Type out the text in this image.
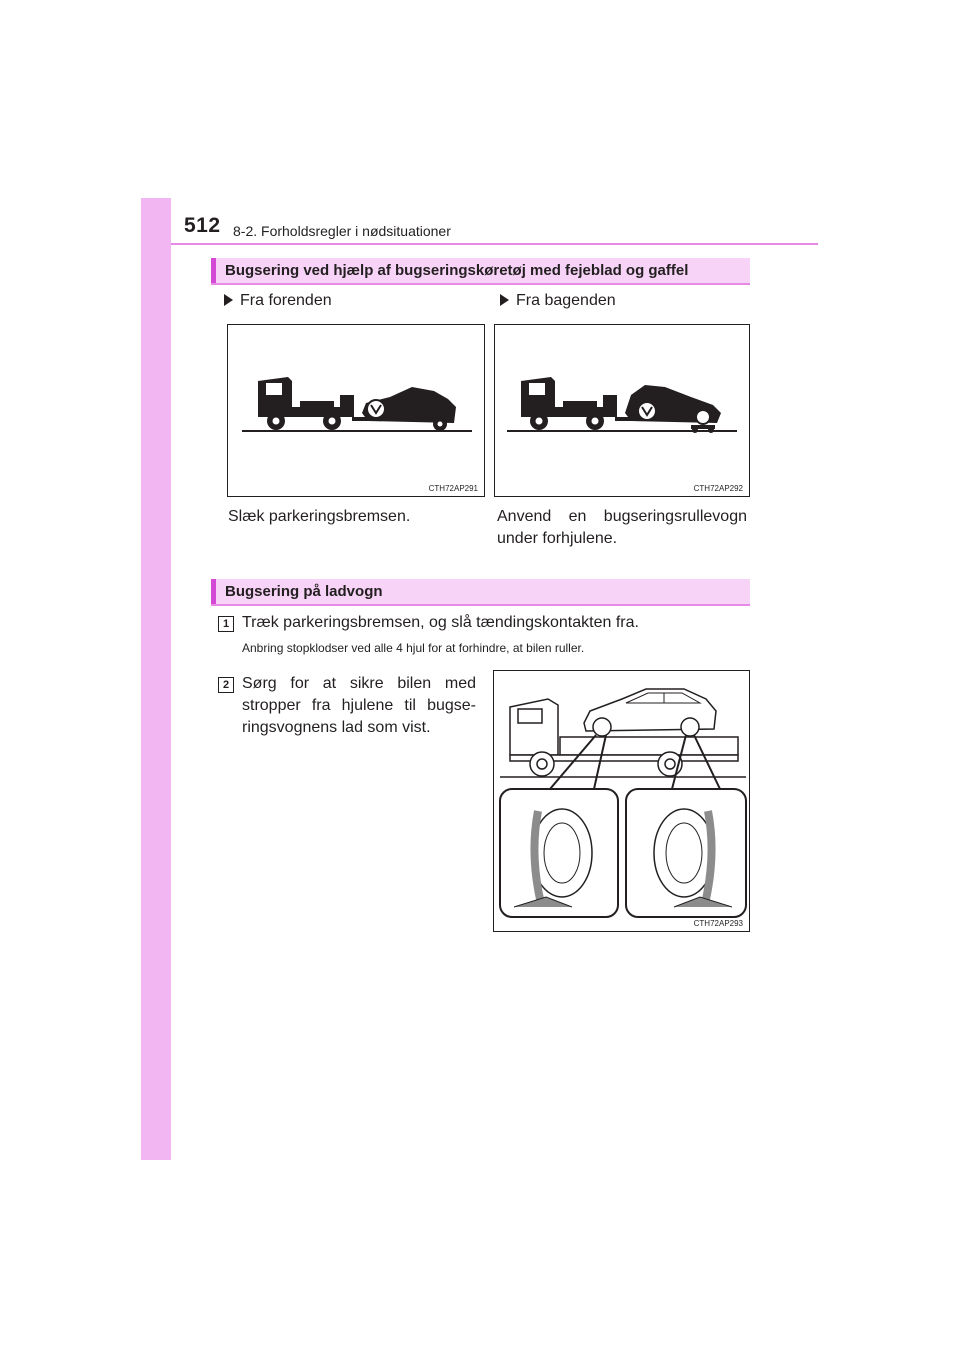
512 8-2. Forholdsregler i nødsituationer
Bugsering ved hjælp af bugseringskøretøj med fejeblad og gaffel
Fra forenden	Fra bagenden
CTH72AP291	CTH72AP292
Slæk parkeringsbremsen.	Anvend en bugseringsrullevogn
under forhjulene.
Bugsering på ladvogn
1 Træk parkeringsbremsen, og slå tændingskontakten fra.
Anbring stopklodser ved alle 4 hjul for at forhindre, at bilen ruller.
2 Sørg for at sikre bilen med
stropper fra hjulene til bugse-
ringsvognens lad som vist.
CTH72AP293
